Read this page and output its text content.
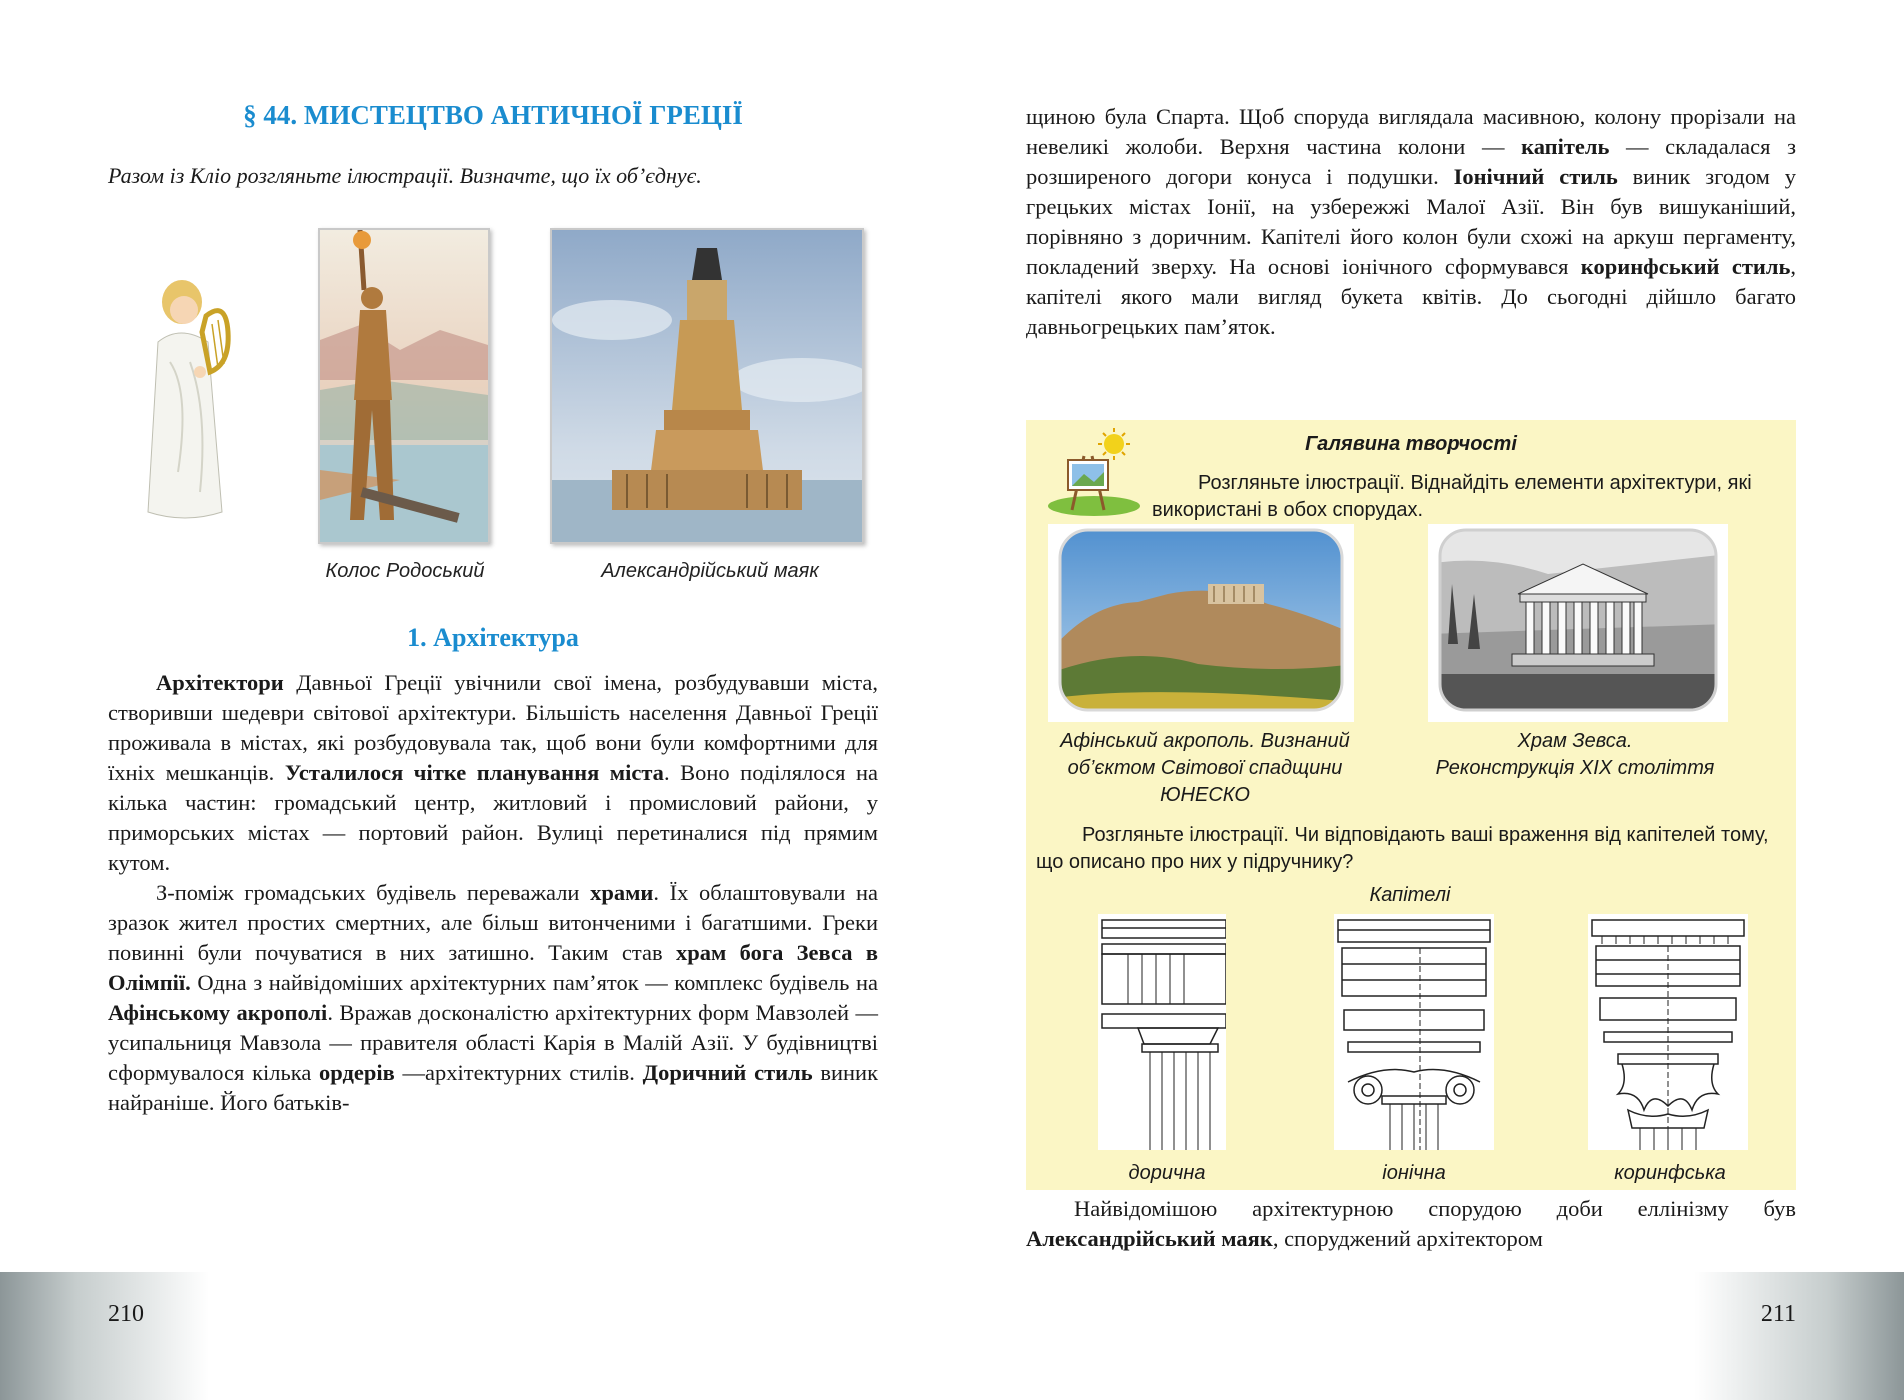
210
§ 44. МИСТЕЦТВО АНТИЧНОЇ ГРЕЦІЇ
Разом із Кліо розгляньте ілюстрації. Визначте, що їх об’єднує.
Колос Родоський	Александрійський маяк
1. Архітектура

Архітектори Давньої Греції увічнили свої імена, розбудувавши міста, створивши шедеври світової архітектури. Більшість населення Давньої Греції проживала в містах, які розбудовувала так, щоб вони були комфортними для їхніх мешканців. Усталилося чітке планування міста. Воно поділялося на кілька частин: громадський центр, житловий і промисловий райони, у приморських містах — портовий район. Вулиці перетиналися під прямим кутом.

З-поміж громадських будівель переважали храми. Їх облаштовували на зразок жител простих смертних, але більш витонченими і багатшими. Греки повинні були почуватися в них затишно. Таким став храм бога Зевса в Олімпії. Одна з найвідоміших архітектурних пам’яток — комплекс будівель на Афінському акрополі. Вражав досконалістю архітектурних форм Мавзолей — усипальниця Мавзола — правителя області Карія в Малій Азії. У будівництві сформувалося кілька ордерів —архітектурних стилів. Доричний стиль виник найраніше. Його батьків-

211

щиною була Спарта. Щоб споруда виглядала масивною, колону прорізали на невеликі жолоби. Верхня частина колони — капітель — складалася з розширеного догори конуса і подушки. Іонічний стиль виник згодом у грецьких містах Іонії, на узбережжі Малої Азії. Він був вишуканіший, порівняно з доричним. Капітелі його колон були схожі на аркуш пергаменту, покладений зверху. На основі іонічного сформувався коринфський стиль, капітелі якого мали вигляд букета квітів. До сьогодні дійшло багато давньогрецьких пам’яток.

Галявина творчості
Розгляньте ілюстрації. Віднайдіть елементи архітектури, які використані в обох спорудах.
Афінський акрополь. Визнаний об’єктом Світової спадщини ЮНЕСКО
Храм Зевса.
Реконструкція XIX століття
Розгляньте ілюстрації. Чи відповідають ваші враження від капітелей тому, що описано про них у підручнику?
Капітелі
дорична	іонічна	коринфська

Найвідомішою архітектурною спорудою доби еллінізму був Александрійський маяк, споруджений архітектором
